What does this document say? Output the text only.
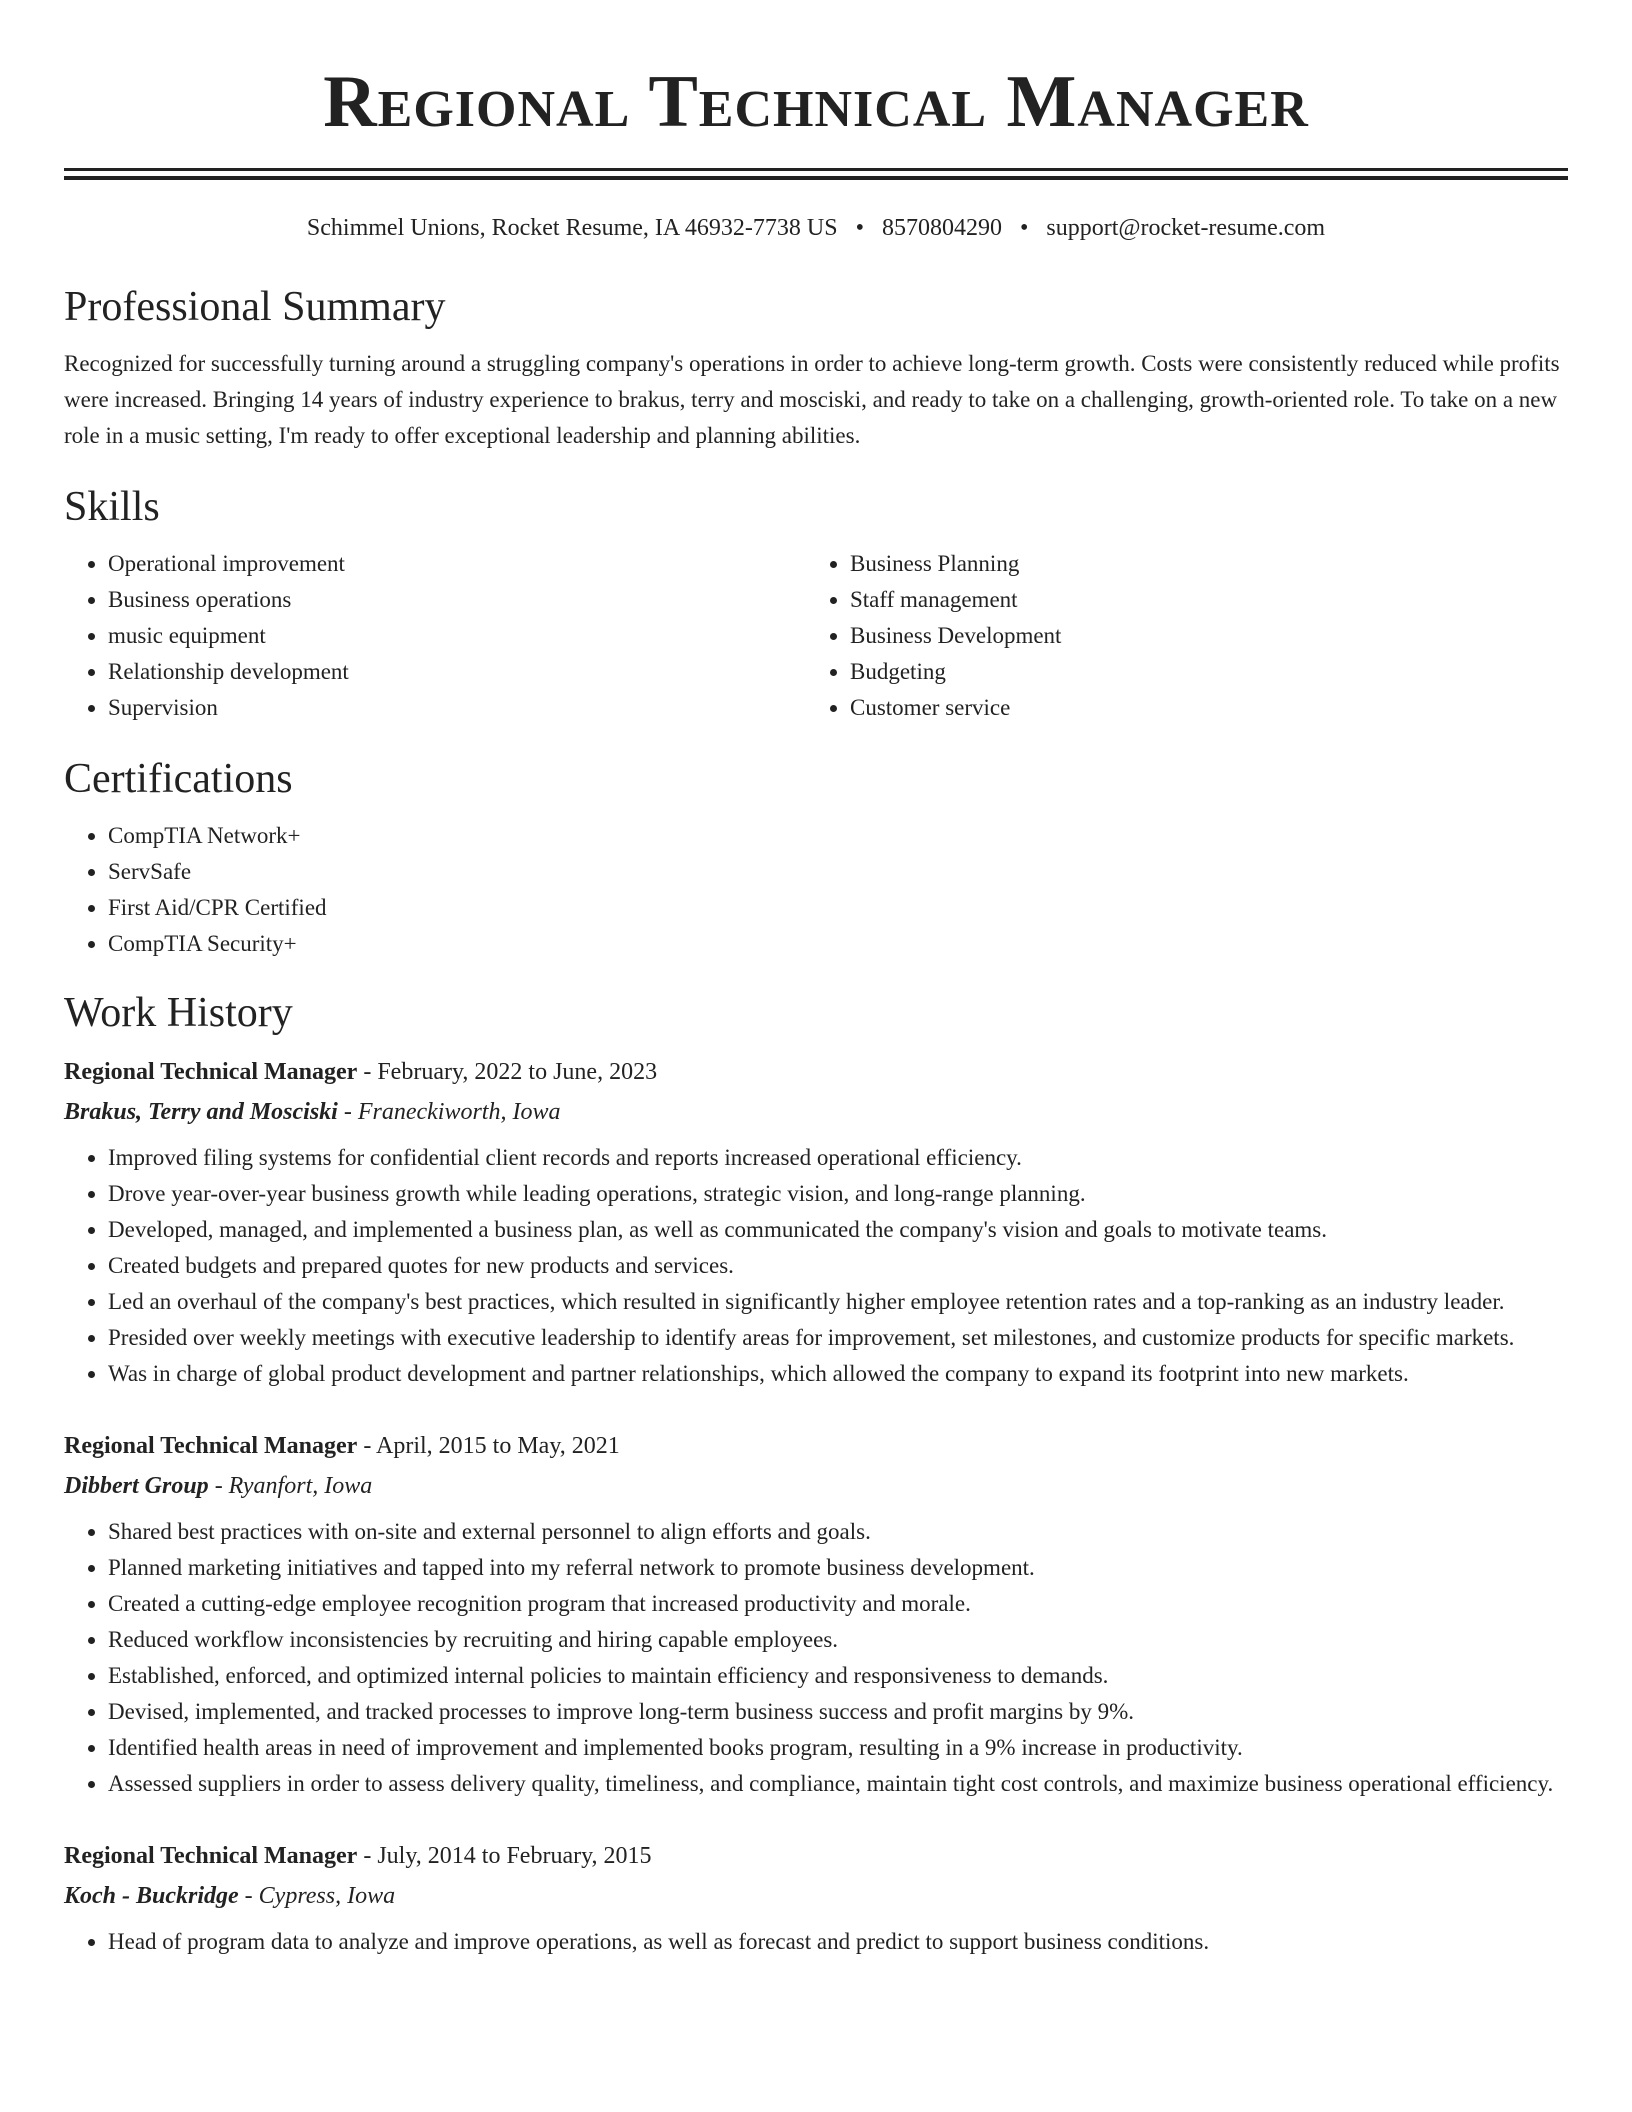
Regional Technical Manager
Schimmel Unions, Rocket Resume, IA 46932-7738 US • 8570804290 • support@rocket-resume.com
Professional Summary

Recognized for successfully turning around a struggling company's operations in order to achieve long-term growth. Costs were consistently reduced while profits were increased. Bringing 14 years of industry experience to brakus, terry and mosciski, and ready to take on a challenging, growth-oriented role. To take on a new role in a music setting, I'm ready to offer exceptional leadership and planning abilities.

Skills
• Operational improvement
• Business operations
• music equipment
• Relationship development
• Supervision
• Business Planning
• Staff management
• Business Development
• Budgeting
• Customer service
Certifications
• CompTIA Network+
• ServSafe
• First Aid/CPR Certified
• CompTIA Security+
Work History
Regional Technical Manager - February, 2022 to June, 2023
Brakus, Terry and Mosciski - Franeckiworth, Iowa
• Improved filing systems for confidential client records and reports increased operational efficiency.
• Drove year-over-year business growth while leading operations, strategic vision, and long-range planning.
• Developed, managed, and implemented a business plan, as well as communicated the company's vision and goals to motivate teams.
• Created budgets and prepared quotes for new products and services.
• Led an overhaul of the company's best practices, which resulted in significantly higher employee retention rates and a top-ranking as an industry leader.
• Presided over weekly meetings with executive leadership to identify areas for improvement, set milestones, and customize products for specific markets.
• Was in charge of global product development and partner relationships, which allowed the company to expand its footprint into new markets.
Regional Technical Manager - April, 2015 to May, 2021
Dibbert Group - Ryanfort, Iowa
• Shared best practices with on-site and external personnel to align efforts and goals.
• Planned marketing initiatives and tapped into my referral network to promote business development.
• Created a cutting-edge employee recognition program that increased productivity and morale.
• Reduced workflow inconsistencies by recruiting and hiring capable employees.
• Established, enforced, and optimized internal policies to maintain efficiency and responsiveness to demands.
• Devised, implemented, and tracked processes to improve long-term business success and profit margins by 9%.
• Identified health areas in need of improvement and implemented books program, resulting in a 9% increase in productivity.
• Assessed suppliers in order to assess delivery quality, timeliness, and compliance, maintain tight cost controls, and maximize business operational efficiency.
Regional Technical Manager - July, 2014 to February, 2015
Koch - Buckridge - Cypress, Iowa
• Head of program data to analyze and improve operations, as well as forecast and predict to support business conditions.
